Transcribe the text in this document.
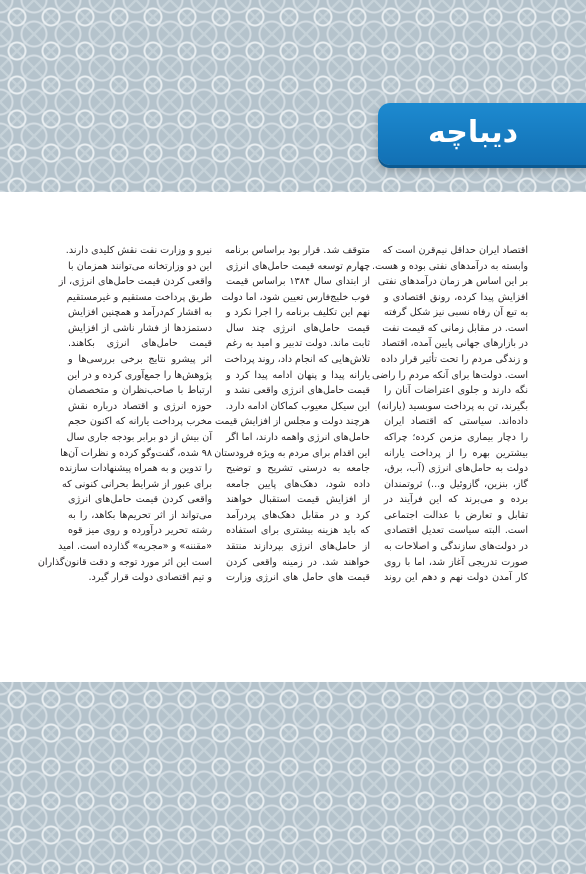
دیباچه
اقتصاد ایران حداقل نیم‌قرن است که
وابسته به درآمدهای نفتی بوده و هست.
بر این اساس هر زمان درآمدهای نفتی
افزایش پیدا کرده، رونق اقتصادی و
به تبع آن رفاه نسبی نیز شکل گرفته
است. در مقابل زمانی که قیمت نفت
در بازارهای جهانی پایین آمده، اقتصاد
و زندگی مردم را تحت تأثیر قرار داده
است. دولت‌ها برای آنکه مردم را راضی
نگه دارند و جلوی اعتراضات آنان را
بگیرند، تن به پرداخت سوبسید (یارانه)
داده‌اند. سیاستی که اقتصاد ایران
را دچار بیماری مزمن کرده؛ چراکه
بیشترین بهره را از پرداخت یارانه
دولت به حامل‌های انرژی (آب، برق،
گاز، بنزین، گازوئیل و...) ثروتمندان
برده و می‌برند که این فرآیند در
تقابل و تعارض با عدالت اجتماعی
است. البته سیاست تعدیل اقتصادی
در دولت‌های سازندگی و اصلاحات به
صورت تدریجی آغاز شد، اما با روی
کار آمدن دولت نهم و دهم این روند
متوقف شد. قرار بود براساس برنامه
چهارم توسعه قیمت حامل‌های انرژی
از ابتدای سال ۱۳۸۴ براساس قیمت
فوب خلیج‌فارس تعیین شود، اما دولت
نهم این تکلیف برنامه را اجرا نکرد و
قیمت حامل‌های انرژی چند سال
ثابت ماند. دولت تدبیر و امید به رغم
تلاش‌هایی که انجام داد، روند پرداخت
یارانه پیدا و پنهان ادامه پیدا کرد و
قیمت حامل‌های انرژی واقعی نشد و
این سیکل معیوب کماکان ادامه دارد.
هرچند دولت و مجلس از افزایش قیمت
حامل‌های انرژی واهمه دارند، اما اگر
این اقدام برای مردم به ویژه فرودستان
جامعه به درستی تشریح و توضیح
داده شود، دهک‌های پایین جامعه
از افزایش قیمت استقبال خواهند
کرد و در مقابل دهک‌های پردرآمد
که باید هزینه بیشتری برای استفاده
از حامل‌های انرژی بپردازند منتقد
خواهند شد. در زمینه واقعی کردن
قیمت های حامل های انرژی وزارت
نیرو و وزارت نفت نقش کلیدی دارند.
این دو وزارتخانه می‌توانند همزمان با
واقعی کردن قیمت حامل‌های انرژی، از
طریق پرداخت مستقیم و غیرمستقیم
به اقشار کم‌درآمد و همچنین افزایش
دستمزدها از فشار ناشی از افزایش
قیمت حامل‌های انرژی بکاهند.
اثر پیشرو نتایج برخی بررسی‌ها و
پژوهش‌ها را جمع‌آوری کرده و در این
ارتباط با صاحب‌نظران و متخصصان
حوزه انرژی و اقتصاد درباره نقش
مخرب پرداخت یارانه که اکنون حجم
آن بیش از دو برابر بودجه جاری سال
۹۸ شده، گفت‌وگو کرده و نظرات آن‌ها
را تدوین و به همراه پیشنهادات سازنده
برای عبور از شرایط بحرانی کنونی که
واقعی کردن قیمت حامل‌های انرژی
می‌تواند از اثر تحریم‌ها بکاهد، را به
رشته تحریر درآورده و روی میز قوه
«مقننه» و «مجریه» گذارده است. امید
است این اثر مورد توجه و دقت قانون‌گذاران
و تیم اقتصادی دولت قرار گیرد.
